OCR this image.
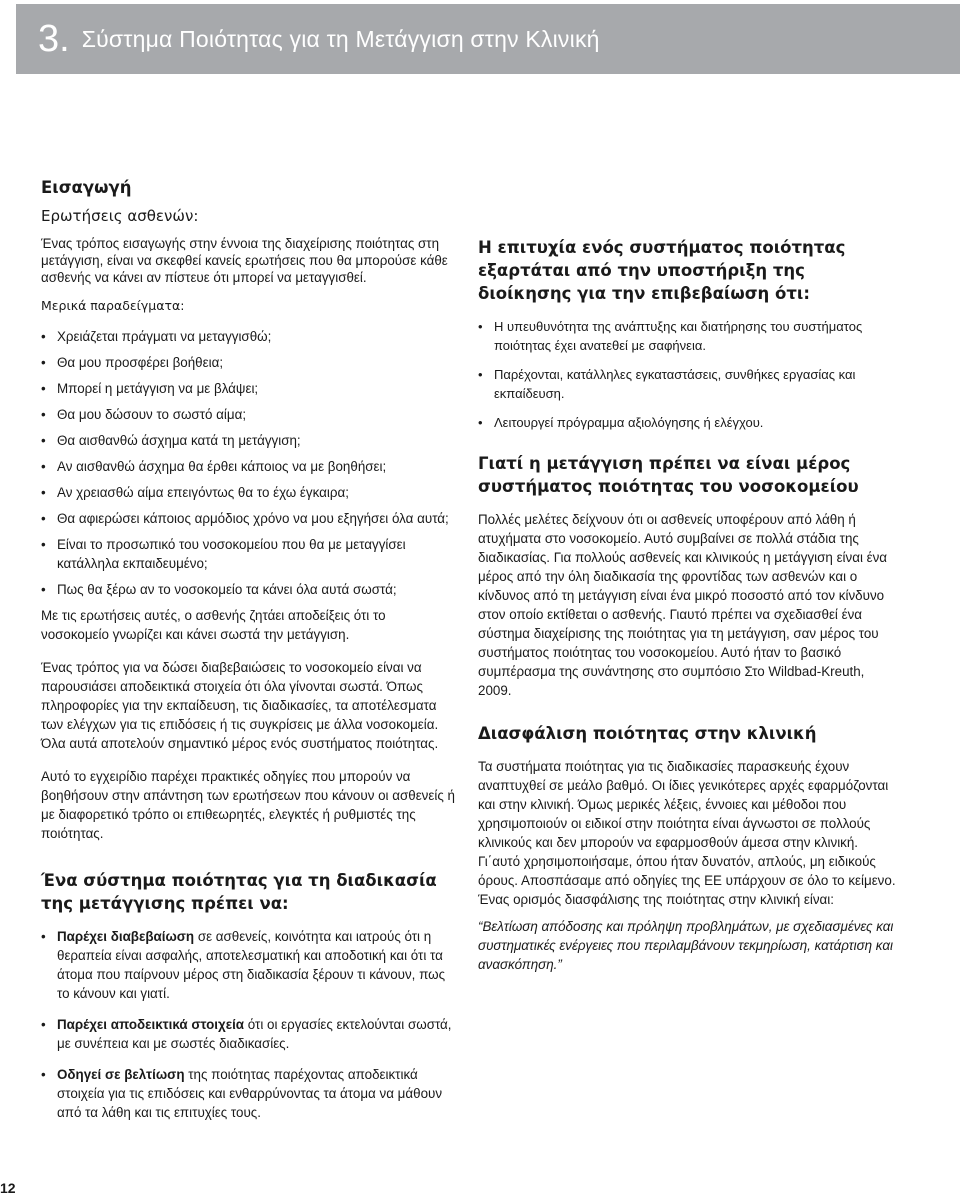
3. Σύστημα Ποιότητας για τη Μετάγγιση στην Κλινική
Εισαγωγή
Ερωτήσεις ασθενών:

Ένας τρόπος εισαγωγής στην έννοια της διαχείρισης ποιότητας στη μετάγγιση, είναι να σκεφθεί κανείς ερωτήσεις που θα μπορούσε κάθε ασθενής να κάνει αν πίστευε ότι μπορεί να μεταγγισθεί.

Μερικά παραδείγματα:
• Χρειάζεται πράγματι να μεταγγισθώ;
• Θα μου προσφέρει βοήθεια;
• Μπορεί η μετάγγιση να με βλάψει;
• Θα μου δώσουν το σωστό αίμα;
• Θα αισθανθώ άσχημα κατά τη μετάγγιση;
• Αν αισθανθώ άσχημα θα έρθει κάποιος να με βοηθήσει;
• Αν χρειασθώ αίμα επειγόντως θα το έχω έγκαιρα;
• Θα αφιερώσει κάποιος αρμόδιος χρόνο να μου εξηγήσει όλα αυτά;
• Είναι το προσωπικό του νοσοκομείου που θα με μεταγγίσει κατάλληλα εκπαιδευμένο;
• Πως θα ξέρω αν το νοσοκομείο τα κάνει όλα αυτά σωστά;

Με τις ερωτήσεις αυτές, ο ασθενής ζητάει αποδείξεις ότι το νοσοκομείο γνωρίζει και κάνει σωστά την μετάγγιση.

Ένας τρόπος για να δώσει διαβεβαιώσεις το νοσοκομείο είναι να παρουσιάσει αποδεικτικά στοιχεία ότι όλα γίνονται σωστά. Όπως πληροφορίες για την εκπαίδευση, τις διαδικασίες, τα αποτέλεσματα των ελέγχων για τις επιδόσεις ή τις συγκρίσεις με άλλα νοσοκομεία. Όλα αυτά αποτελούν σημαντικό μέρος ενός συστήματος ποιότητας.

Αυτό το εγχειρίδιο παρέχει πρακτικές οδηγίες που μπορούν να βοηθήσουν στην απάντηση των ερωτήσεων που κάνουν οι ασθενείς ή με διαφορετικό τρόπο οι επιθεωρητές, ελεγκτές ή ρυθμιστές της ποιότητας.

Ένα σύστημα ποιότητας για τη διαδικασία της μετάγγισης πρέπει να:
• Παρέχει διαβεβαίωση σε ασθενείς, κοινότητα και ιατρούς ότι η θεραπεία είναι ασφαλής, αποτελεσματική και αποδοτική και ότι τα άτομα που παίρνουν μέρος στη διαδικασία ξέρουν τι κάνουν, πως το κάνουν και γιατί.
• Παρέχει αποδεικτικά στοιχεία ότι οι εργασίες εκτελούνται σωστά, με συνέπεια και με σωστές διαδικασίες.
• Οδηγεί σε βελτίωση της ποιότητας παρέχοντας αποδεικτικά στοιχεία για τις επιδόσεις και ενθαρρύνοντας τα άτομα να μάθουν από τα λάθη και τις επιτυχίες τους.
Η επιτυχία ενός συστήματος ποιότητας εξαρτάται από την υποστήριξη της διοίκησης για την επιβεβαίωση ότι:
• Η υπευθυνότητα της ανάπτυξης και διατήρησης του συστήματος ποιότητας έχει ανατεθεί με σαφήνεια.
• Παρέχονται, κατάλληλες εγκαταστάσεις, συνθήκες εργασίας και εκπαίδευση.
• Λειτουργεί πρόγραμμα αξιολόγησης ή ελέγχου.
Γιατί η μετάγγιση πρέπει να είναι μέρος συστήματος ποιότητας του νοσοκομείου

Πολλές μελέτες δείχνουν ότι οι ασθενείς υποφέρουν από λάθη ή ατυχήματα στο νοσοκομείο. Αυτό συμβαίνει σε πολλά στάδια της διαδικασίας. Για πολλούς ασθενείς και κλινικούς η μετάγγιση είναι ένα μέρος από την όλη διαδικασία της φροντίδας των ασθενών και ο κίνδυνος από τη μετάγγιση είναι ένα μικρό ποσοστό από τον κίνδυνο στον οποίο εκτίθεται ο ασθενής. Γιαυτό πρέπει να σχεδιασθεί ένα σύστημα διαχείρισης της ποιότητας για τη μετάγγιση, σαν μέρος του συστήματος ποιότητας του νοσοκομείου. Αυτό ήταν το βασικό συμπέρασμα της συνάντησης στο συμπόσιο Στο Wildbad-Kreuth, 2009.

Διασφάλιση ποιότητας στην κλινική

Τα συστήματα ποιότητας για τις διαδικασίες παρασκευής έχουν αναπτυχθεί σε μεάλο βαθμό. Οι ίδιες γενικότερες αρχές εφαρμόζονται και στην κλινική. Όμως μερικές λέξεις, έννοιες και μέθοδοι που χρησιμοποιούν οι ειδικοί στην ποιότητα είναι άγνωστοι σε πολλούς κλινικούς και δεν μπορούν να εφαρμοσθούν άμεσα στην κλινική. Γι΄αυτό χρησιμοποιήσαμε, όπου ήταν δυνατόν, απλούς, μη ειδικούς όρους. Αποσπάσαμε από οδηγίες της ΕΕ υπάρχουν σε όλο το κείμενο. Ένας ορισμός διασφάλισης της ποιότητας στην κλινική είναι:

“Βελτίωση απόδοσης και πρόληψη προβλημάτων, με σχεδιασμένες και συστηματικές ενέργειες που περιλαμβάνουν τεκμηρίωση, κατάρτιση και ανασκόπηση.”

12
